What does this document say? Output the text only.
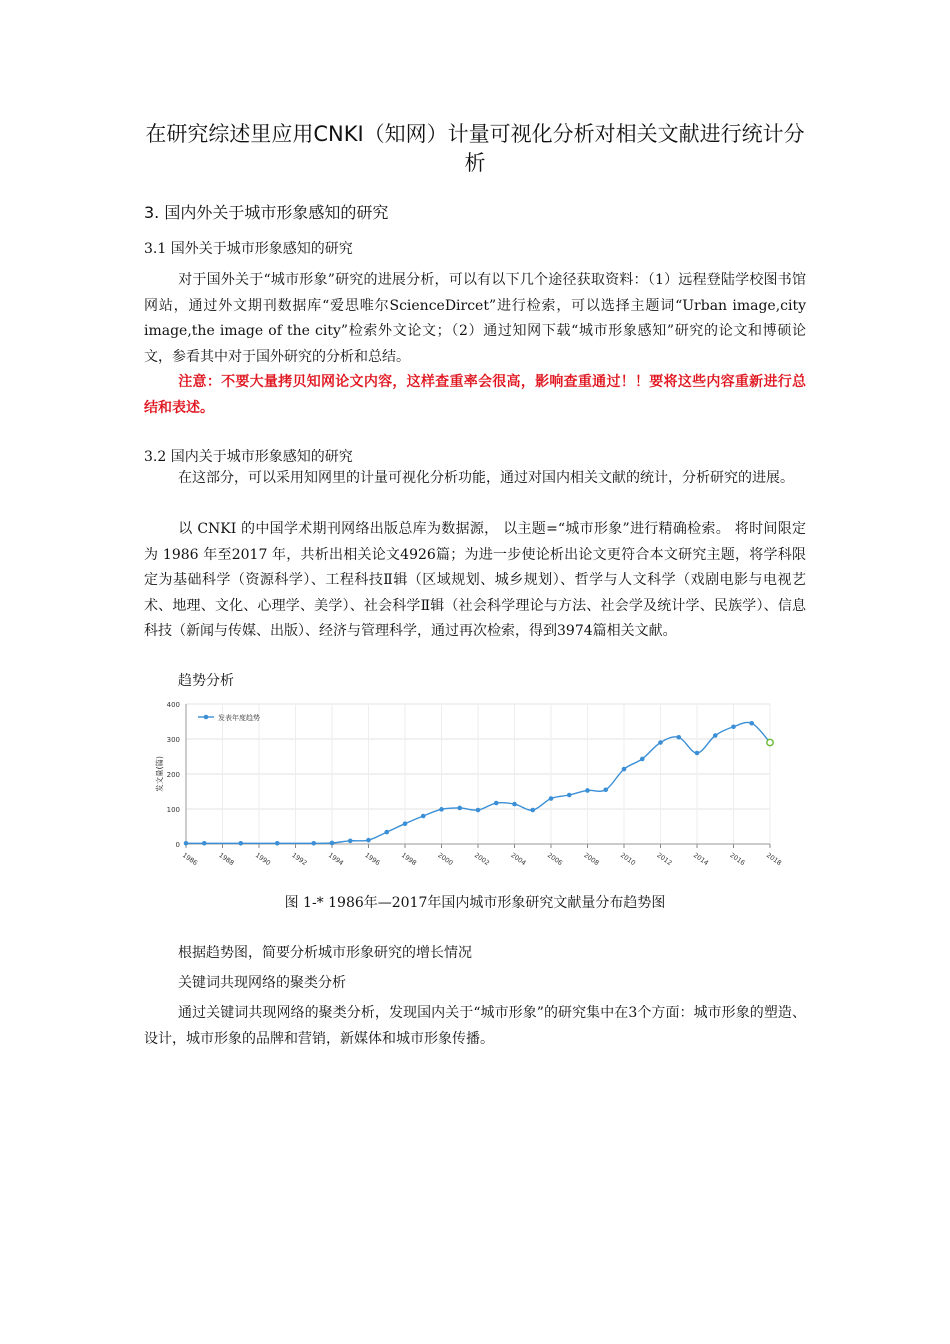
在研究综述里应用CNKI（知网）计量可视化分析对相关文献进行统计分析
3. 国内外关于城市形象感知的研究
3.1 国外关于城市形象感知的研究
对于国外关于“城市形象”研究的进展分析，可以有以下几个途径获取资料：（1）远程登陆学校图书馆网站，通过外文期刊数据库“爱思唯尔ScienceDircet”进行检索，可以选择主题词“Urban image,city image,the image of the city”检索外文论文；（2）通过知网下载“城市形象感知”研究的论文和博硕论文，参看其中对于国外研究的分析和总结。
注意：不要大量拷贝知网论文内容，这样查重率会很高，影响查重通过！！要将这些内容重新进行总结和表述。
3.2 国内关于城市形象感知的研究
在这部分，可以采用知网里的计量可视化分析功能，通过对国内相关文献的统计，分析研究的进展。
以 CNKI 的中国学术期刊网络出版总库为数据源， 以主题=“城市形象”进行精确检索。 将时间限定为 1986 年至2017 年，共析出相关论文4926篇；为进一步使论析出论文更符合本文研究主题，将学科限定为基础科学（资源科学）、工程科技Ⅱ辑（区域规划、城乡规划）、哲学与人文科学（戏剧电影与电视艺术、地理、文化、心理学、美学）、社会科学Ⅱ辑（社会科学理论与方法、社会学及统计学、民族学）、信息科技（新闻与传媒、出版）、经济与管理科学，通过再次检索，得到3974篇相关文献。
趋势分析
0
100
200
300
400
1986	1988	1990	1992	1994	1996	1998	2000	2002	2004	2006	2008	2010	2012	2014	2016	2018
发文量(篇)
发表年度趋势
图 1-* 1986年—2017年国内城市形象研究文献量分布趋势图
根据趋势图，简要分析城市形象研究的增长情况
关键词共现网络的聚类分析
通过关键词共现网络的聚类分析，发现国内关于“城市形象”的研究集中在3个方面：城市形象的塑造、设计，城市形象的品牌和营销，新媒体和城市形象传播。
